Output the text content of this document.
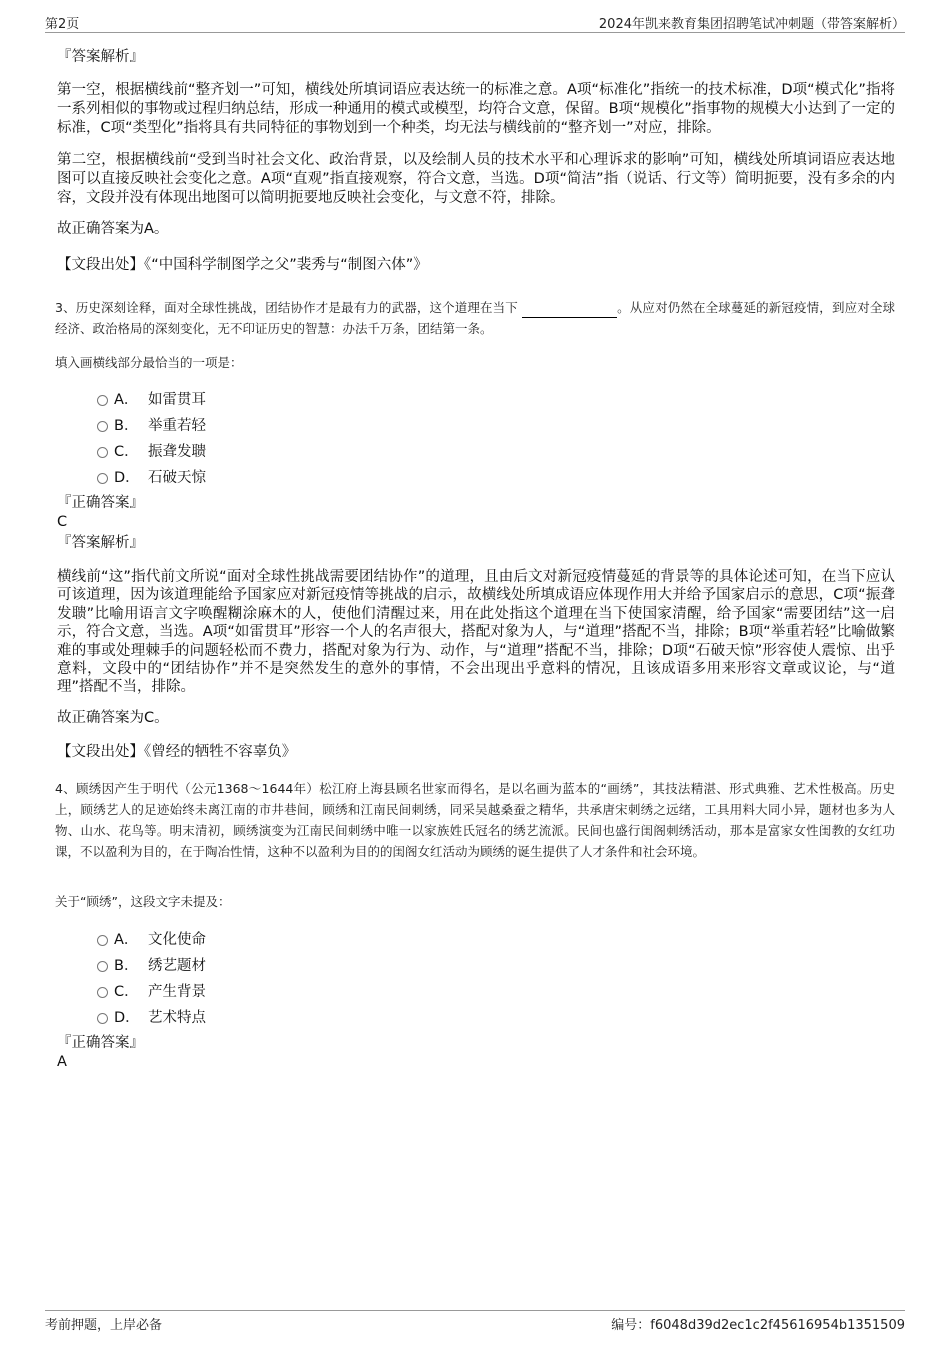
第2页	2024年凯来教育集团招聘笔试冲刺题（带答案解析）
『答案解析』
第一空，根据横线前“整齐划一”可知，横线处所填词语应表达统一的标准之意。A项“标准化”指统一的技术标准，D项“模式化”指将一系列相似的事物或过程归纳总结，形成一种通用的模式或模型，均符合文意，保留。B项“规模化”指事物的规模大小达到了一定的标准，C项“类型化”指将具有共同特征的事物划到一个种类，均无法与横线前的“整齐划一”对应，排除。
第二空，根据横线前“受到当时社会文化、政治背景，以及绘制人员的技术水平和心理诉求的影响”可知，横线处所填词语应表达地图可以直接反映社会变化之意。A项“直观”指直接观察，符合文意，当选。D项“简洁”指（说话、行文等）简明扼要，没有多余的内容，文段并没有体现出地图可以简明扼要地反映社会变化，与文意不符，排除。
故正确答案为A。
【文段出处】《“中国科学制图学之父”裴秀与“制图六体”》
3、历史深刻诠释，面对全球性挑战，团结协作才是最有力的武器，这个道理在当下	。从应对仍然在全球蔓延的新冠疫情，到应对全球经济、政治格局的深刻变化，无不印证历史的智慧：办法千万条，团结第一条。
填入画横线部分最恰当的一项是：
A． 如雷贯耳
B． 举重若轻
C． 振聋发聩
D． 石破天惊
『正确答案』
C
『答案解析』
横线前“这”指代前文所说“面对全球性挑战需要团结协作”的道理，且由后文对新冠疫情蔓延的背景等的具体论述可知，在当下应认可该道理，因为该道理能给予国家应对新冠疫情等挑战的启示，故横线处所填成语应体现作用大并给予国家启示的意思，C项“振聋发聩”比喻用语言文字唤醒糊涂麻木的人，使他们清醒过来，用在此处指这个道理在当下使国家清醒，给予国家“需要团结”这一启示，符合文意，当选。A项“如雷贯耳”形容一个人的名声很大，搭配对象为人，与“道理”搭配不当，排除；B项“举重若轻”比喻做繁难的事或处理棘手的问题轻松而不费力，搭配对象为行为、动作，与“道理”搭配不当，排除；D项“石破天惊”形容使人震惊、出乎意料，文段中的“团结协作”并不是突然发生的意外的事情，不会出现出乎意料的情况，且该成语多用来形容文章或议论，与“道理”搭配不当，排除。
故正确答案为C。
【文段出处】《曾经的牺牲不容辜负》
4、顾绣因产生于明代（公元1368～1644年）松江府上海县顾名世家而得名，是以名画为蓝本的“画绣”，其技法精湛、形式典雅、艺术性极高。历史上，顾绣艺人的足迹始终未离江南的市井巷间，顾绣和江南民间刺绣，同采吴越桑蚕之精华，共承唐宋刺绣之远绪，工具用料大同小异，题材也多为人物、山水、花鸟等。明末清初，顾绣演变为江南民间刺绣中唯一以家族姓氏冠名的绣艺流派。民间也盛行闺阁刺绣活动，那本是富家女性闺教的女红功课，不以盈利为目的，在于陶冶性情，这种不以盈利为目的的闺阁女红活动为顾绣的诞生提供了人才条件和社会环境。
关于“顾绣”，这段文字未提及：
A． 文化使命
B． 绣艺题材
C． 产生背景
D． 艺术特点
『正确答案』
A
考前押题，上岸必备	编号：f6048d39d2ec1c2f45616954b1351509
